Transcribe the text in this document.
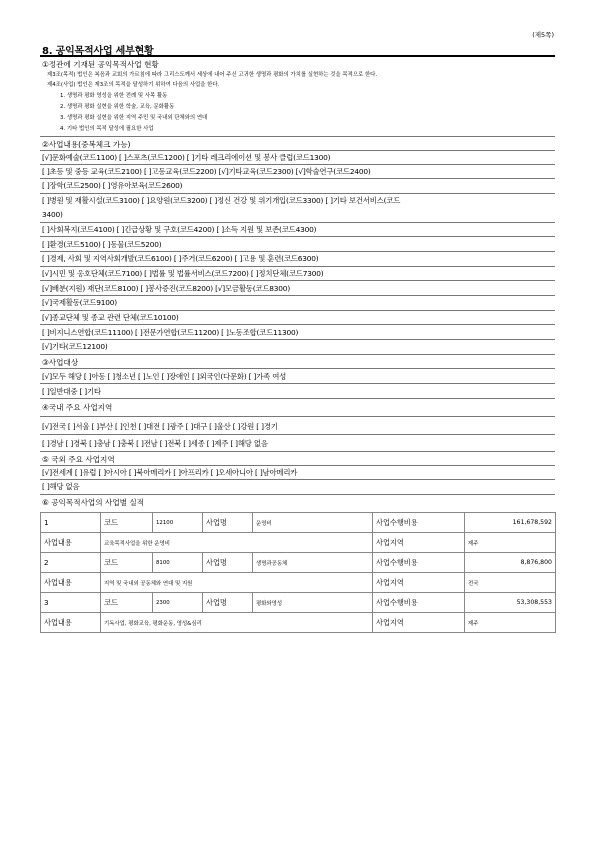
(제5쪽)
8. 공익목적사업 세부현황
①정관에 기재된 공익목적사업 현황
제3조(목적) 법인은 복음과 교회의 가르침에 따라 그리스도께서 세상에 내어 주신 고귀한 생명과 평화의 가치를 실현하는 것을 목적으로 한다.
제4조(사업) 법인은 제3조의 목적을 달성하기 위하여 다음의 사업을 한다.
1. 생명과 평화 영성을 위한 전례 및 사목 활동
2. 생명과 평화 실현을 위한 학술, 교육, 문화활동
3. 생명과 평화 실현을 위한 지역 주민 및 국내외 단체와의 연대
4. 기타 법인의 목적 달성에 필요한 사업
②사업내용(중복체크 가능)
[√]문화예술(코드1100) [ ]스포츠(코드1200) [ ]기타 레크리에이션 및 봉사 클럽(코드1300)
[ ]초등 및 중등 교육(코드2100) [ ]고등교육(코드2200) [√]기타교육(코드2300) [√]학술연구(코드2400)
[ ]장학(코드2500) [ ]영유아보육(코드2600)
[ ]병원 및 재활시설(코드3100) [ ]요양원(코드3200) [ ]정신 건강 및 위기개입(코드3300) [ ]기타 보건서비스(코드
3400)
[ ]사회복지(코드4100) [ ]긴급상황 및 구호(코드4200) [ ]소득 지원 및 보존(코드4300)
[ ]환경(코드5100) [ ]동물(코드5200)
[ ]경제, 사회 및 지역사회개발(코드6100) [ ]주거(코드6200) [ ]고용 및 훈련(코드6300)
[√]시민 및 옹호단체(코드7100) [ ]법률 및 법률서비스(코드7200) [ ]정치단체(코드7300)
[√]배분(지원) 재단(코드8100) [ ]봉사증진(코드8200) [√]모금활동(코드8300)
[√]국제활동(코드9100)
[√]종교단체 및 종교 관련 단체(코드10100)
[ ]비지니스연합(코드11100) [ ]전문가연합(코드11200) [ ]노동조합(코드11300)
[√]기타(코드12100)
③사업대상
[√]모두 해당 [ ]아동 [ ]청소년 [ ]노인 [ ]장애인 [ ]외국인(다문화) [ ]가족 여성
[ ]일반대중 [ ]기타
④국내 주요 사업지역
[√]전국 [ ]서울 [ ]부산 [ ]인천 [ ]대전 [ ]광주 [ ]대구 [ ]울산 [ ]강원 [ ]경기
[ ]경남 [ ]경북 [ ]충남 [ ]충북 [ ]전남 [ ]전북 [ ]세종 [ ]제주 [ ]해당 없음
⑤ 국외 주요 사업지역
[√]전세계 [ ]유럽 [ ]아시아 [ ]북아메리카 [ ]아프리카 [ ]오세아니아 [ ]남아메리카
[ ]해당 없음
⑥ 공익목적사업의 사업별 실적
1	코드	12100	사업명	운영비	사업수행비용	161,678,592
사업내용	교육목적사업을 위한 운영비				사업지역	제주
2	코드	8100	사업명	생명과공동체	사업수행비용	8,876,800
사업내용	지역 및 국내외 공동체와 연대 및 지원				사업지역	전국
3	코드	2300	사업명	평화와영성	사업수행비용	53,308,553
사업내용	기독사업, 평화교육, 평화운동, 영성&심리				사업지역	제주
